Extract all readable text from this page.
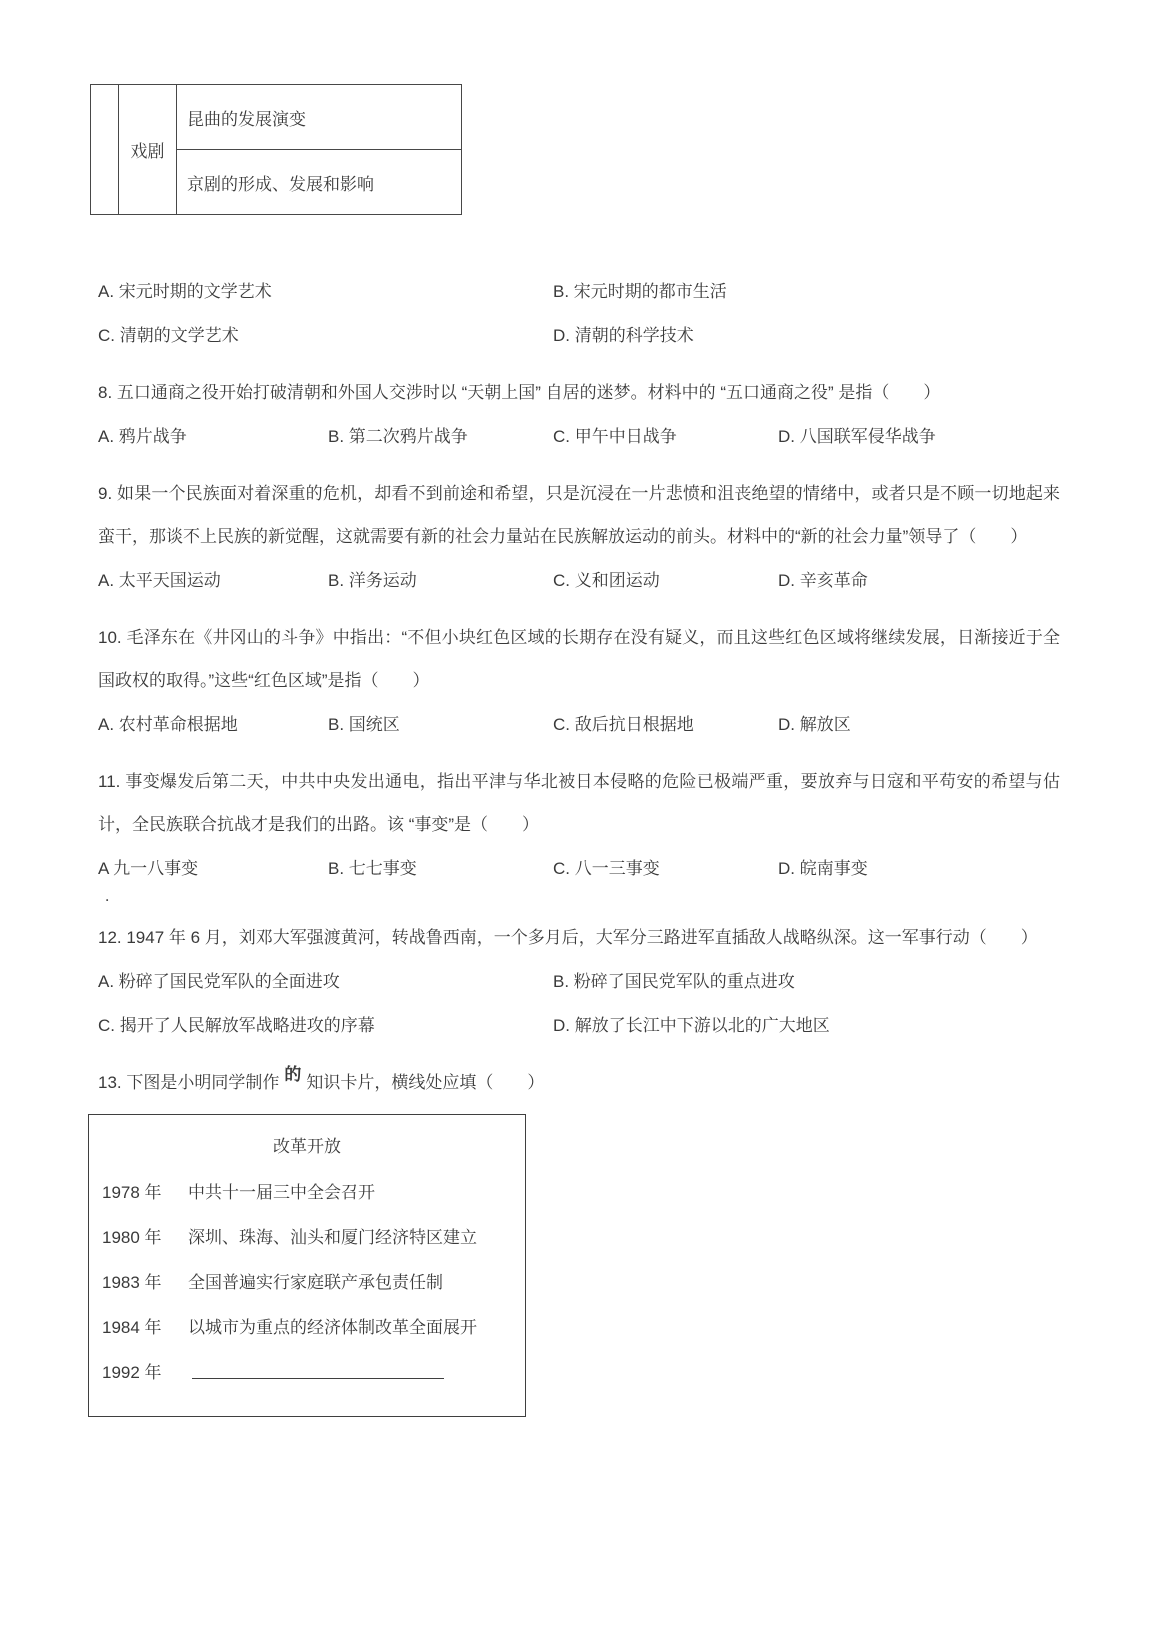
戏剧
昆曲的发展演变
京剧的形成、发展和影响
A. 宋元时期的文学艺术	B. 宋元时期的都市生活
C. 清朝的文学艺术	D. 清朝的科学技术

8. 五口通商之役开始打破清朝和外国人交涉时以 “天朝上国” 自居的迷梦。材料中的 “五口通商之役” 是指（　　）

A. 鸦片战争	B. 第二次鸦片战争	C. 甲午中日战争	D. 八国联军侵华战争

9. 如果一个民族面对着深重的危机，却看不到前途和希望，只是沉浸在一片悲愤和沮丧绝望的情绪中，或者只是不顾一切地起来蛮干，那谈不上民族的新觉醒，这就需要有新的社会力量站在民族解放运动的前头。材料中的“新的社会力量”领导了（　　）

A. 太平天国运动	B. 洋务运动	C. 义和团运动	D. 辛亥革命

10. 毛泽东在《井冈山的斗争》中指出：“不但小块红色区域的长期存在没有疑义，而且这些红色区域将继续发展，日渐接近于全国政权的取得。”这些“红色区域”是指（　　）

A. 农村革命根据地	B. 国统区	C. 敌后抗日根据地	D. 解放区

11. 事变爆发后第二天，中共中央发出通电，指出平津与华北被日本侵略的危险已极端严重，要放弃与日寇和平苟安的希望与估计，全民族联合抗战才是我们的出路。该 “事变”是（　　）

A 九一八事变	B. 七七事变	C. 八一三事变	D. 皖南事变
．

12. 1947 年 6 月，刘邓大军强渡黄河，转战鲁西南，一个多月后，大军分三路进军直插敌人战略纵深。这一军事行动（　　）

A. 粉碎了国民党军队的全面进攻	B. 粉碎了国民党军队的重点进攻
C. 揭开了人民解放军战略进攻的序幕	D. 解放了长江中下游以北的广大地区

13. 下图是小明同学制作 的 知识卡片，横线处应填（　　）

改革开放
1978 年	中共十一届三中全会召开
1980 年	深圳、珠海、汕头和厦门经济特区建立
1983 年	全国普遍实行家庭联产承包责任制
1984 年	以城市为重点的经济体制改革全面展开
1992 年
